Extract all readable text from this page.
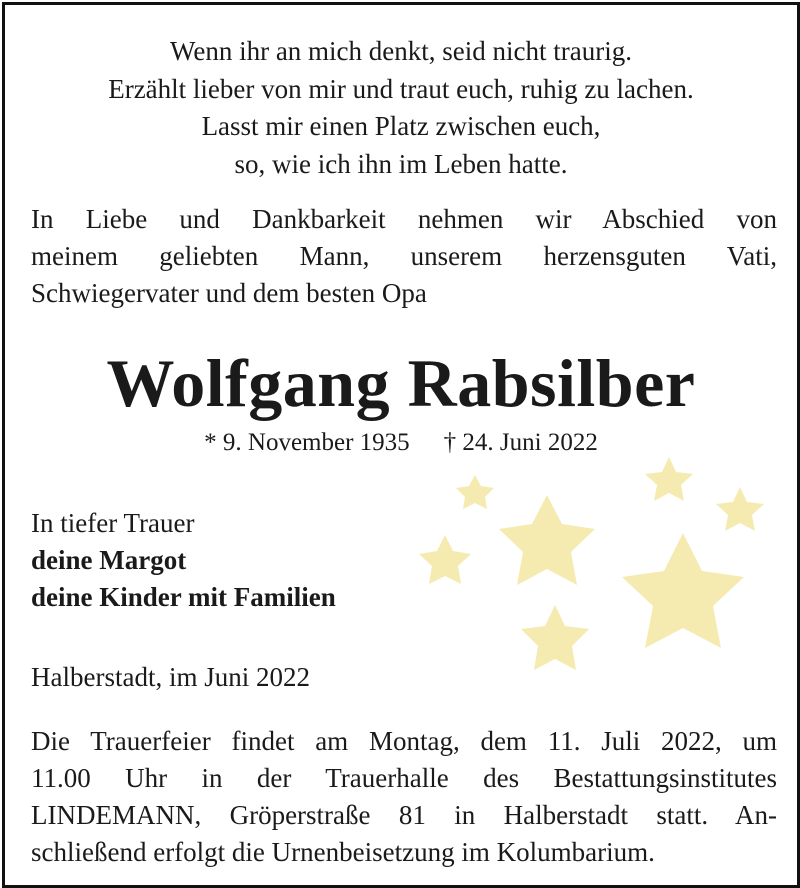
Wenn ihr an mich denkt, seid nicht traurig.
Erzählt lieber von mir und traut euch, ruhig zu lachen.
Lasst mir einen Platz zwischen euch,
so, wie ich ihn im Leben hatte.
In Liebe und Dankbarkeit nehmen wir Abschied von
meinem geliebten Mann, unserem herzensguten Vati,
Schwiegervater und dem besten Opa
Wolfgang Rabsilber
* 9. November 1935 † 24. Juni 2022
In tiefer Trauer
deine Margot
deine Kinder mit Familien
Halberstadt, im Juni 2022
Die Trauerfeier findet am Montag, dem 11. Juli 2022, um
11.00 Uhr in der Trauerhalle des Bestattungsinstitutes
LINDEMANN, Gröperstraße 81 in Halberstadt statt. An-
schließend erfolgt die Urnenbeisetzung im Kolumbarium.
